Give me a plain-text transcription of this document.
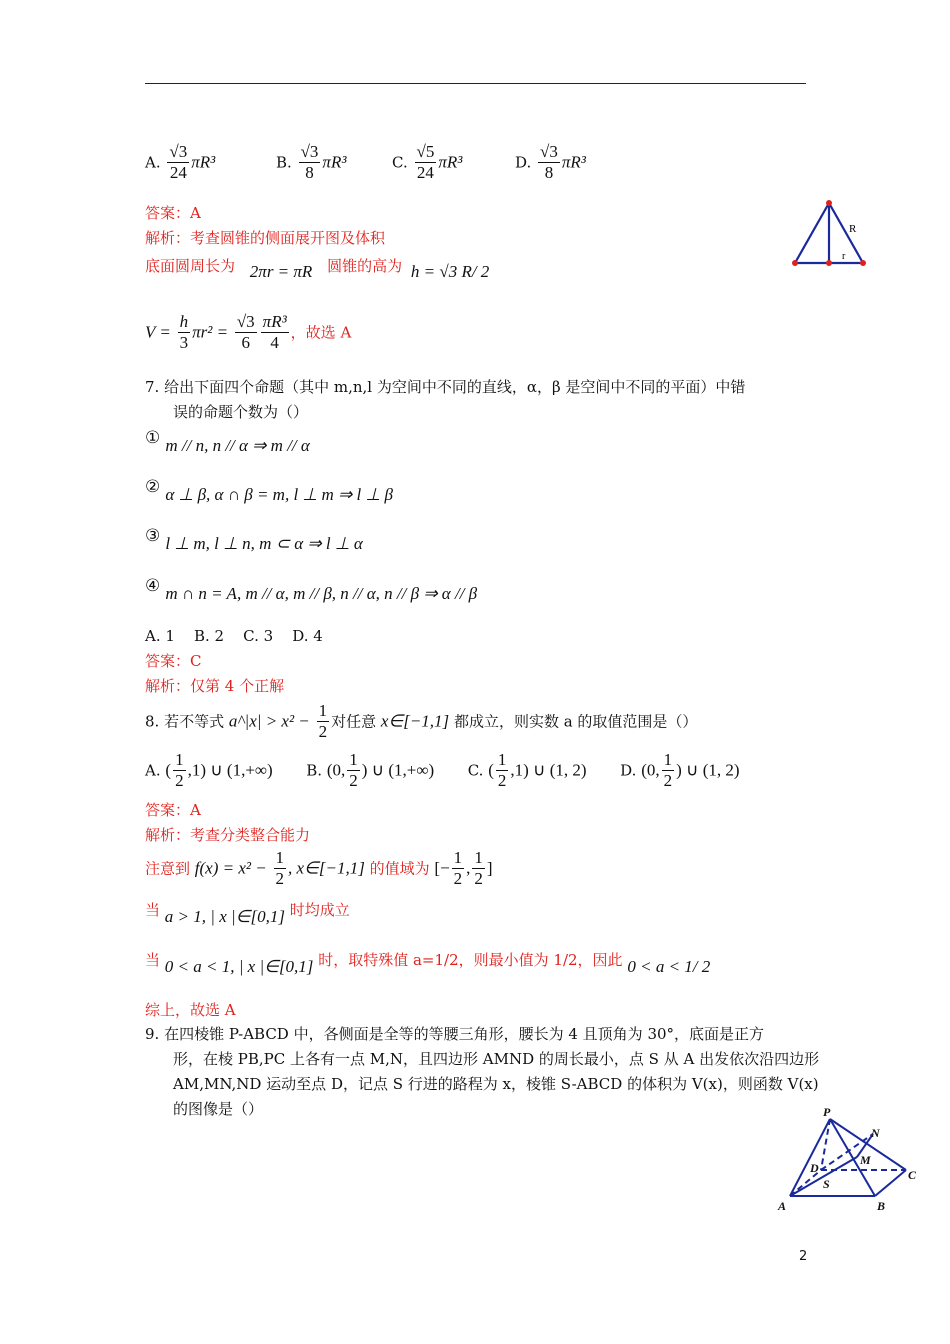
A. $\frac{√3}{24} \pi R^3$	B. $\frac{√3}{8} \pi R^3$	C. $\frac{√5}{24} \pi R^3$	D. $\frac{√3}{8} \pi R^3$
答案：A
解析：考查圆锥的侧面展开图及体积
底面圆周长为 2πr = πR 圆锥的高为 h = √3 R/ 2
$V = \frac{h}{3} \pi r^2 = \frac{√3}{6} \frac{\text{πR³}}{4}$ ，故选 A
R
r
7. 给出下面四个命题（其中 m,n,l 为空间中不同的直线，α，β 是空间中不同的平面）中错
误的命题个数为（）
① m // n, n // α ⇒ m // α
② α ⊥ β, α ∩ β = m, l ⊥ m ⇒ l ⊥ β
③ l ⊥ m, l ⊥ n, m ⊂ α ⇒ l ⊥ α
④ m ∩ n = A, m // α, m // β, n // α, n // β ⇒ α // β
A. 1    B. 2    C. 3    D. 4
答案：C
解析：仅第 4 个正解
8. 若不等式 a^|x| > $x^2 - \frac{1}{2}$ 对任意 x∈[−1,1] 都成立，则实数 a 的取值范围是（）
A. ( $\frac{1}{2} ,1$) ∪ (1,+∞) B. (0, $\frac{1}{2}$ ) ∪ (1,+∞) C. ( $\frac{1}{2} ,1$) ∪ (1, 2) D. (0, $\frac{1}{2}$ ) ∪ (1, 2)
答案：A
解析：考查分类整合能力
注意到 $f(x) = x^2 - \frac{1}{2}$ , x∈[−1,1] 的值域为 [− $\frac{1}{2}$ , $\frac{1}{2}$ ]
当 a > 1, | x |∈[0,1] 时均成立
当 0 < a < 1, | x |∈[0,1] 时，取特殊值 a=1/2，则最小值为 1/2，因此 0 < a < 1/ 2
综上，故选 A
9. 在四棱锥 P-ABCD 中，各侧面是全等的等腰三角形，腰长为 4 且顶角为 30°，底面是正方
形，在棱 PB,PC 上各有一点 M,N，且四边形 AMND 的周长最小，点 S 从 A 出发依次沿四边形
AM,MN,ND 运动至点 D，记点 S 行进的路程为 x，棱锥 S-ABCD 的体积为 V(x)，则函数 V(x)
的图像是（）	P
N
D
M
S
C
A	B
2
